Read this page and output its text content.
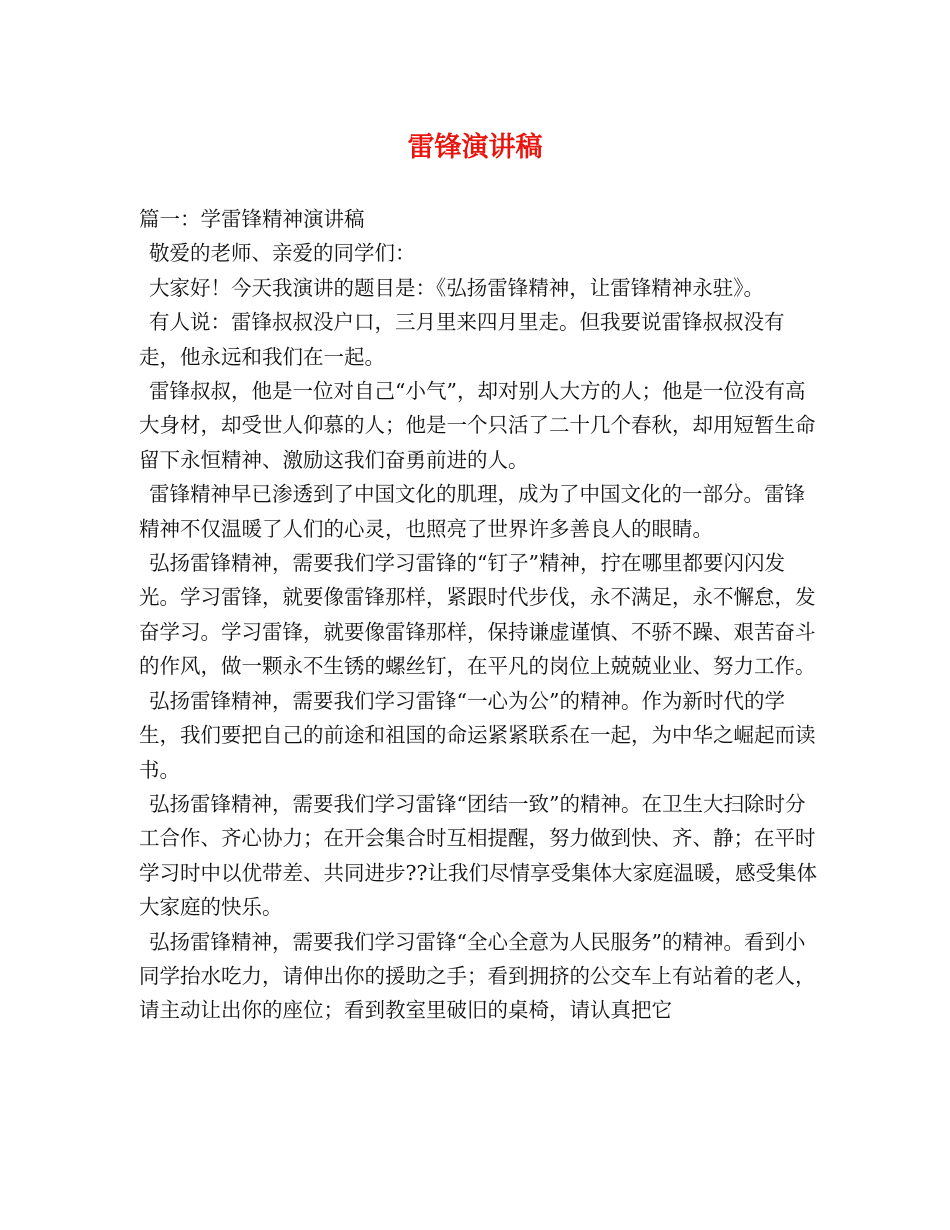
雷锋演讲稿

篇一：学雷锋精神演讲稿

敬爱的老师、亲爱的同学们：

大家好！今天我演讲的题目是：《弘扬雷锋精神，让雷锋精神永驻》。

有人说：雷锋叔叔没户口，三月里来四月里走。但我要说雷锋叔叔没有走，他永远和我们在一起。

雷锋叔叔，他是一位对自己“小气”，却对别人大方的人；他是一位没有高大身材，却受世人仰慕的人；他是一个只活了二十几个春秋，却用短暂生命留下永恒精神、激励这我们奋勇前进的人。

雷锋精神早已渗透到了中国文化的肌理，成为了中国文化的一部分。雷锋精神不仅温暖了人们的心灵，也照亮了世界许多善良人的眼睛。

弘扬雷锋精神，需要我们学习雷锋的“钉子”精神，拧在哪里都要闪闪发光。学习雷锋，就要像雷锋那样，紧跟时代步伐，永不满足，永不懈怠，发奋学习。学习雷锋，就要像雷锋那样，保持谦虚谨慎、不骄不躁、艰苦奋斗的作风，做一颗永不生锈的螺丝钉，在平凡的岗位上兢兢业业、努力工作。

弘扬雷锋精神，需要我们学习雷锋“一心为公”的精神。作为新时代的学生，我们要把自己的前途和祖国的命运紧紧联系在一起，为中华之崛起而读书。

弘扬雷锋精神，需要我们学习雷锋“团结一致”的精神。在卫生大扫除时分工合作、齐心协力；在开会集合时互相提醒，努力做到快、齐、静；在平时学习时中以优带差、共同进步??让我们尽情享受集体大家庭温暖，感受集体大家庭的快乐。

弘扬雷锋精神，需要我们学习雷锋“全心全意为人民服务”的精神。看到小同学抬水吃力，请伸出你的援助之手；看到拥挤的公交车上有站着的老人，请主动让出你的座位；看到教室里破旧的桌椅，请认真把它
